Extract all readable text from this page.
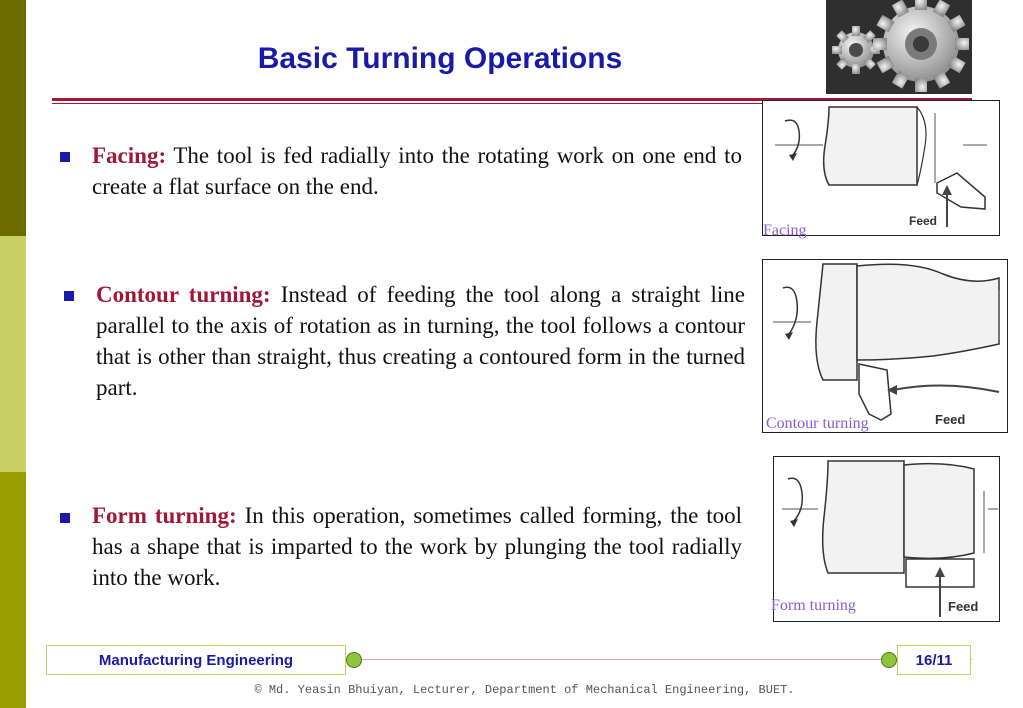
Basic Turning Operations
Facing: The tool is fed radially into the rotating work on one end to create a flat surface on the end.
Feed
Facing
Contour turning: Instead of feeding the tool along a straight line parallel to the axis of rotation as in turning, the tool follows a contour that is other than straight, thus creating a contoured form in the turned part.
Feed
Contour turning
Form turning: In this operation, sometimes called forming, the tool has a shape that is imparted to the work by plunging the tool radially into the work.
Feed
Form turning
Manufacturing Engineering	16/11
© Md. Yeasin Bhuiyan, Lecturer, Department of Mechanical Engineering, BUET.
